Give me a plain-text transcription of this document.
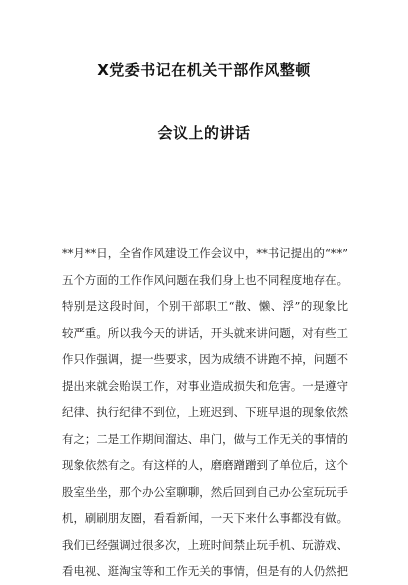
X党委书记在机关干部作风整顿
会议上的讲话
**月**日，全省作风建设工作会议中，**书记提出的“**”
五个方面的工作作风问题在我们身上也不同程度地存在。
特别是这段时间，个别干部职工“散、懒、浮”的现象比
较严重。所以我今天的讲话，开头就来讲问题，对有些工
作只作强调，提一些要求，因为成绩不讲跑不掉，问题不
提出来就会贻误工作，对事业造成损失和危害。一是遵守
纪律、执行纪律不到位，上班迟到、下班早退的现象依然
有之；二是工作期间溜达、串门，做与工作无关的事情的
现象依然有之。有这样的人，磨磨蹭蹭到了单位后，这个
股室坐坐，那个办公室聊聊，然后回到自己办公室玩玩手
机，刷刷朋友圈，看看新闻，一天下来什么事都没有做。
我们已经强调过很多次，上班时间禁止玩手机、玩游戏、
看电视、逛淘宝等和工作无关的事情，但是有的人仍然把
